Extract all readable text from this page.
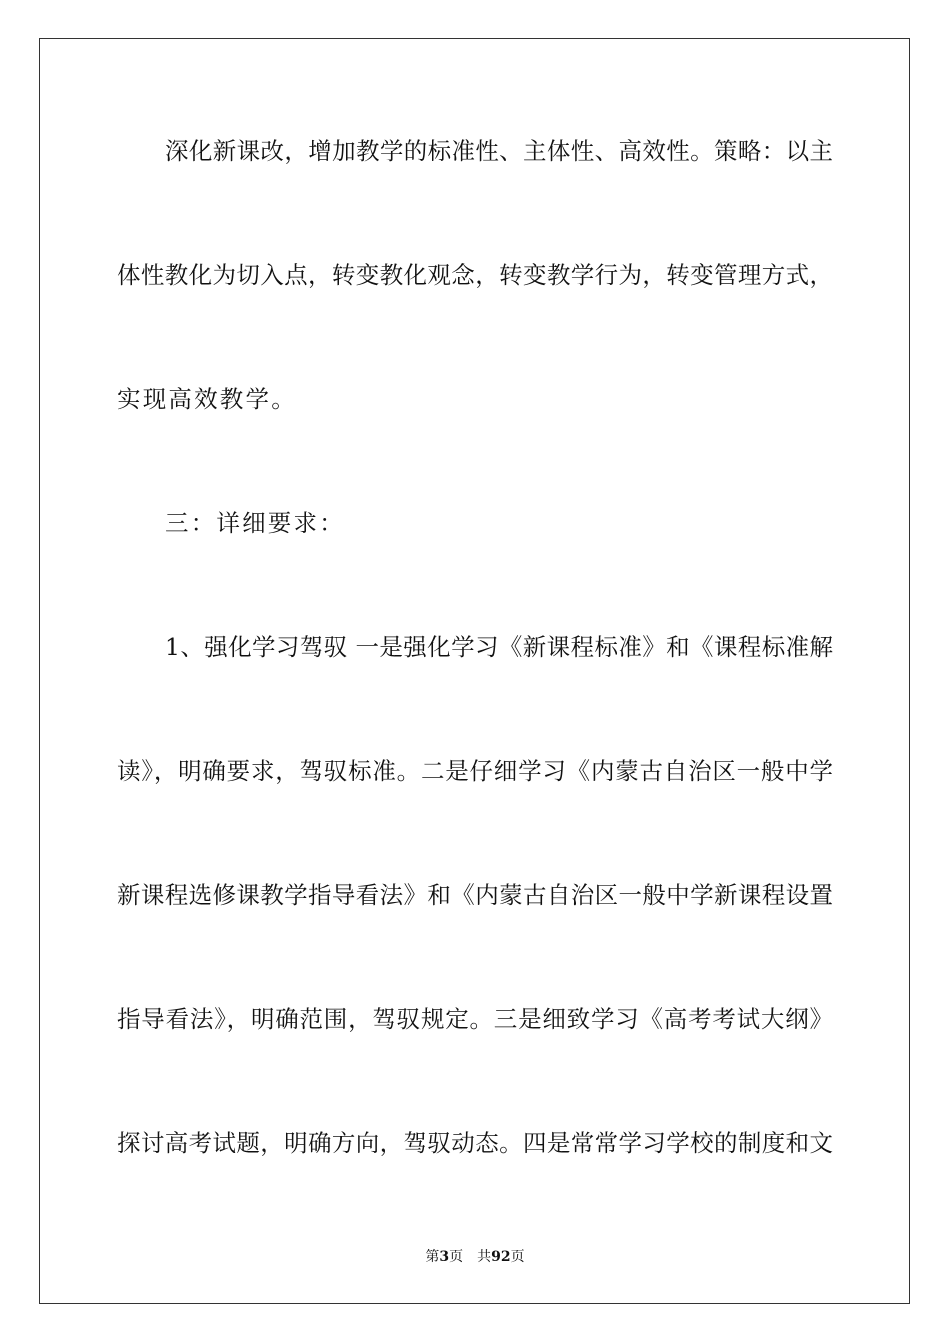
深化新课改，增加教学的标准性、主体性、高效性。策略：以主
体性教化为切入点，转变教化观念，转变教学行为，转变管理方式，
实现高效教学。
三：详细要求：
1、强化学习驾驭 一是强化学习《新课程标准》和《课程标准解
读》，明确要求，驾驭标准。二是仔细学习《内蒙古自治区一般中学
新课程选修课教学指导看法》和《内蒙古自治区一般中学新课程设置
指导看法》，明确范围，驾驭规定。三是细致学习《高考考试大纲》
探讨高考试题，明确方向，驾驭动态。四是常常学习学校的制度和文
第3页 共92页
